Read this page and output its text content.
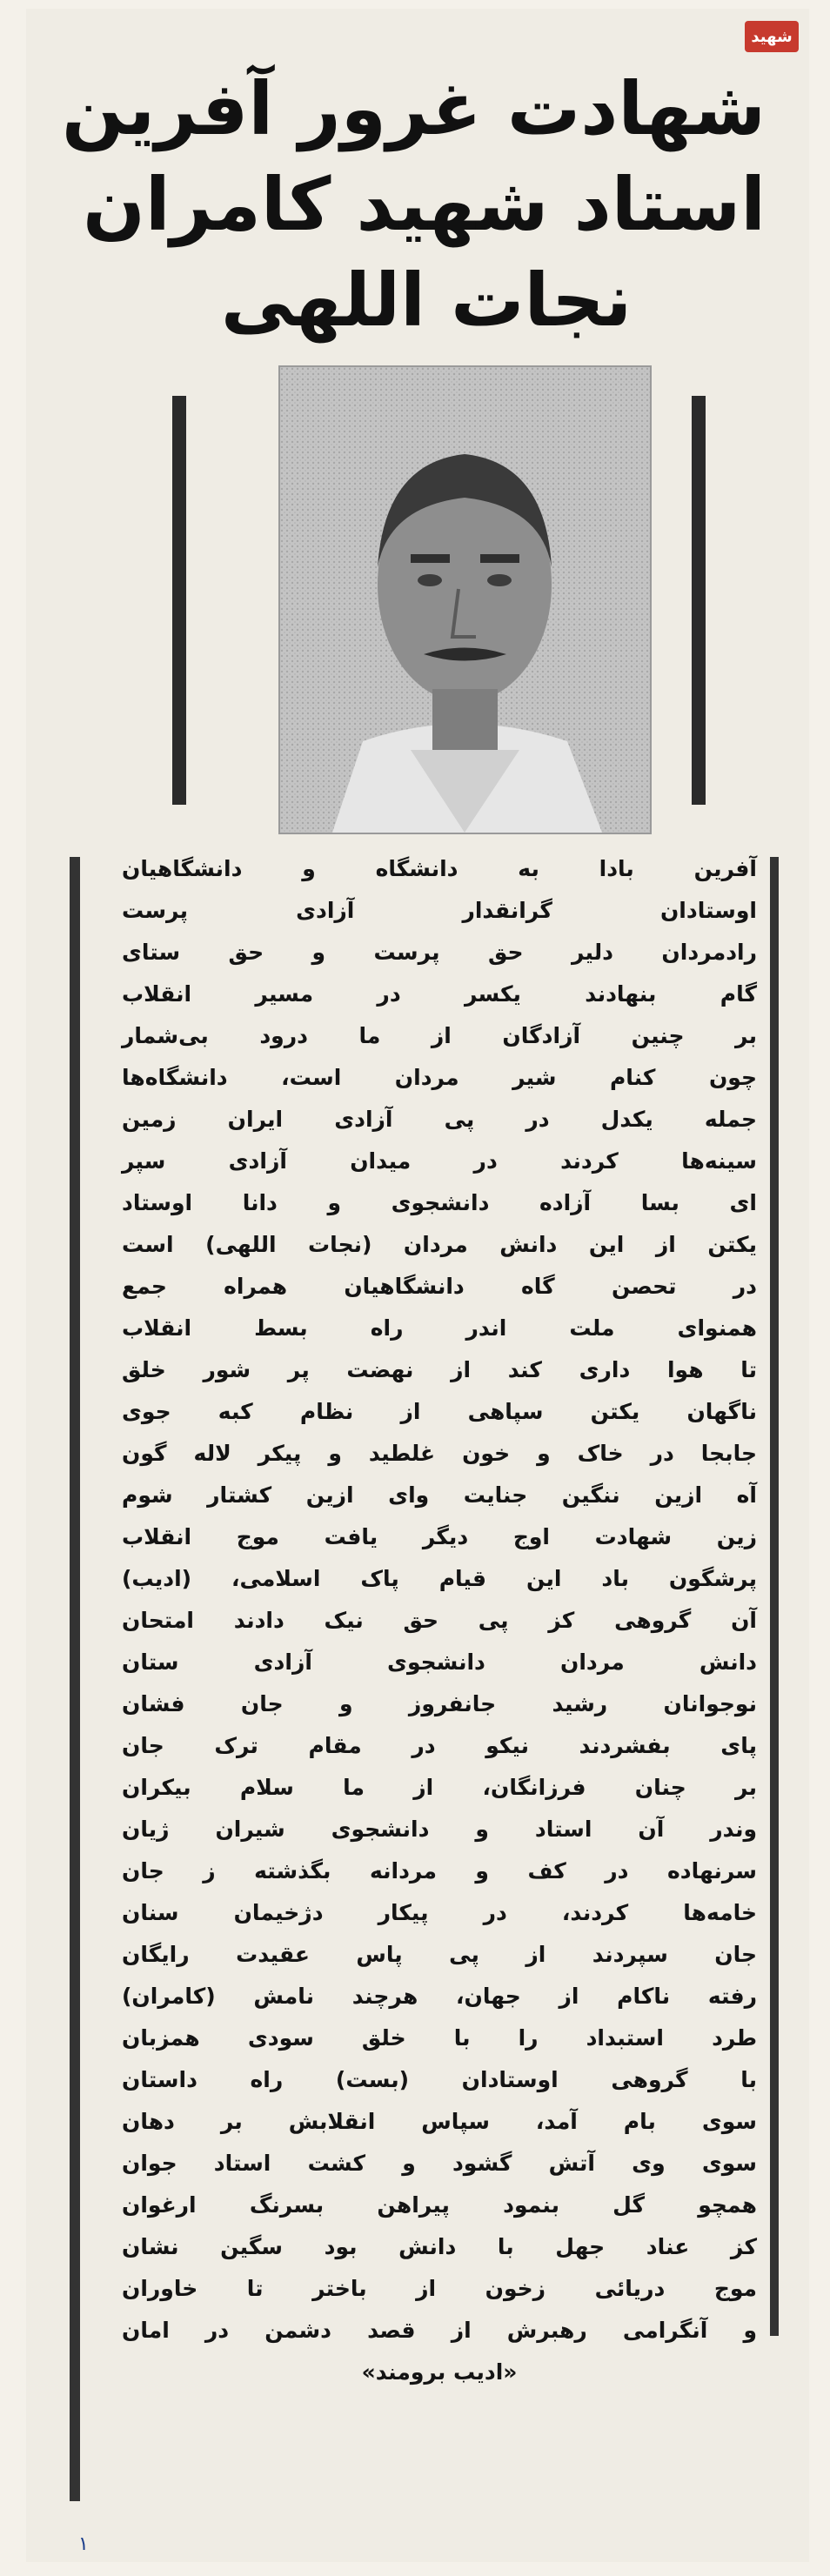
شهید
شهادت غرور آفرین
استاد شهید کامران
نجات اللهی
آفرین بادا به دانشگاه و دانشگاهیان
اوستادان گرانقدار آزادی پرست
رادمردان دلیر حق پرست و حق ستای
گام بنهادند یکسر در مسیر انقلاب
بر چنین آزادگان از ما درود بی‌شمار
چون کنام شیر مردان است، دانشگاه‌ها
جمله یکدل در پی آزادی ایران زمین
سینه‌ها کردند در میدان آزادی سپر
ای بسا آزاده دانشجوی و دانا اوستاد
یکتن از این دانش مردان (نجات اللهی) است
در تحصن گاه دانشگاهیان همراه جمع
همنوای ملت اندر راه بسط انقلاب
تا هوا داری کند از نهضت پر شور خلق
ناگهان یکتن سپاهی از نظام کبه جوی
جابجا در خاک و خون غلطید و پیکر لاله گون
آه ازین ننگین جنایت وای ازین کشتار شوم
زین شهادت اوج دیگر یافت موج انقلاب
پرشگون باد این قیام پاک اسلامی، (ادیب)
آن گروهی کز پی حق نیک دادند امتحان
دانش مردان دانشجوی آزادی ستان
نوجوانان رشید جانفروز و جان فشان
پای بفشردند نیکو در مقام ترک جان
بر چنان فرزانگان، از ما سلام بیکران
وندر آن استاد و دانشجوی شیران ژیان
سرنهاده در کف و مردانه بگذشته ز جان
خامه‌ها کردند، در پیکار دژخیمان سنان
جان سپردند از پی پاس عقیدت رایگان
رفته ناکام از جهان، هرچند نامش (کامران)
طرد استبداد را با خلق سودی همزبان
با گروهی اوستادان (بست) راه داستان
سوی بام آمد، سپاس انقلابش بر دهان
سوی وی آتش گشود و کشت استاد جوان
همچو گل بنمود پیراهن بسرنگ ارغوان
کز عناد جهل با دانش بود سگین نشان
موج دریائی زخون از باختر تا خاوران
و آنگرامی رهبرش از قصد دشمن در امان
«ادیب برومند»
۱
